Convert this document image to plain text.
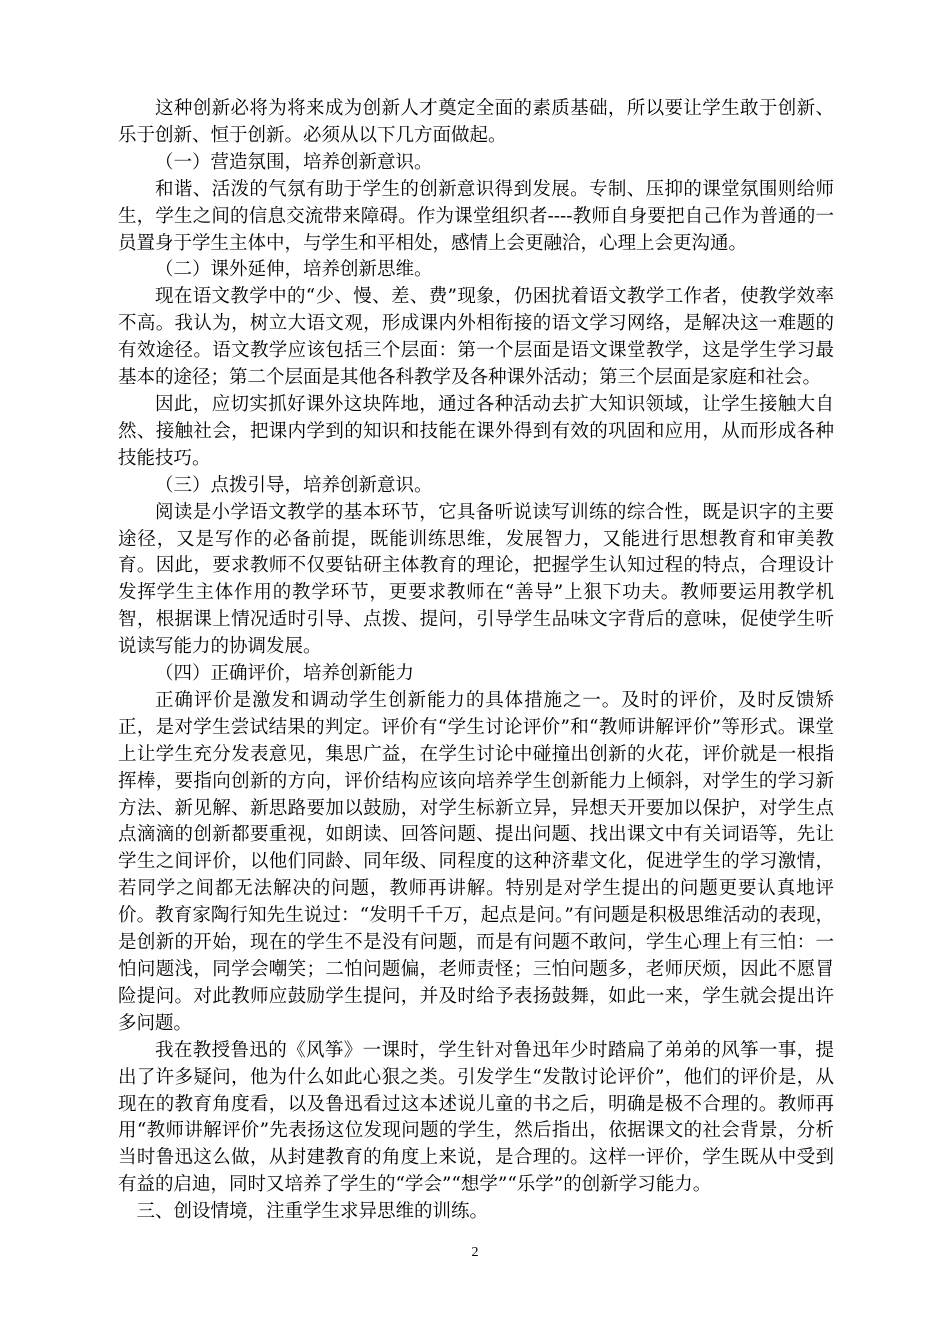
这种创新必将为将来成为创新人才奠定全面的素质基础，所以要让学生敢于创新、乐于创新、恒于创新。必须从以下几方面做起。

（一）营造氛围，培养创新意识。

和谐、活泼的气氛有助于学生的创新意识得到发展。专制、压抑的课堂氛围则给师生，学生之间的信息交流带来障碍。作为课堂组织者----教师自身要把自己作为普通的一员置身于学生主体中，与学生和平相处，感情上会更融洽，心理上会更沟通。

（二）课外延伸，培养创新思维。

现在语文教学中的“少、慢、差、费”现象，仍困扰着语文教学工作者，使教学效率不高。我认为，树立大语文观，形成课内外相衔接的语文学习网络，是解决这一难题的有效途径。语文教学应该包括三个层面：第一个层面是语文课堂教学，这是学生学习最基本的途径；第二个层面是其他各科教学及各种课外活动；第三个层面是家庭和社会。

因此，应切实抓好课外这块阵地，通过各种活动去扩大知识领域，让学生接触大自然、接触社会，把课内学到的知识和技能在课外得到有效的巩固和应用，从而形成各种技能技巧。

（三）点拨引导，培养创新意识。

阅读是小学语文教学的基本环节，它具备听说读写训练的综合性，既是识字的主要途径，又是写作的必备前提，既能训练思维，发展智力，又能进行思想教育和审美教育。因此，要求教师不仅要钻研主体教育的理论，把握学生认知过程的特点，合理设计发挥学生主体作用的教学环节，更要求教师在“善导”上狠下功夫。教师要运用教学机智，根据课上情况适时引导、点拨、提问，引导学生品味文字背后的意味，促使学生听说读写能力的协调发展。

（四）正确评价，培养创新能力

正确评价是激发和调动学生创新能力的具体措施之一。及时的评价，及时反馈矫正，是对学生尝试结果的判定。评价有“学生讨论评价”和“教师讲解评价”等形式。课堂上让学生充分发表意见，集思广益，在学生讨论中碰撞出创新的火花，评价就是一根指挥棒，要指向创新的方向，评价结构应该向培养学生创新能力上倾斜，对学生的学习新方法、新见解、新思路要加以鼓励，对学生标新立异，异想天开要加以保护，对学生点点滴滴的创新都要重视，如朗读、回答问题、提出问题、找出课文中有关词语等，先让学生之间评价，以他们同龄、同年级、同程度的这种济辈文化，促进学生的学习激情，若同学之间都无法解决的问题，教师再讲解。特别是对学生提出的问题更要认真地评价。教育家陶行知先生说过：“发明千千万，起点是问。”有问题是积极思维活动的表现，是创新的开始，现在的学生不是没有问题，而是有问题不敢问，学生心理上有三怕：一怕问题浅，同学会嘲笑；二怕问题偏，老师责怪；三怕问题多，老师厌烦，因此不愿冒险提问。对此教师应鼓励学生提问，并及时给予表扬鼓舞，如此一来，学生就会提出许多问题。

我在教授鲁迅的《风筝》一课时，学生针对鲁迅年少时踏扁了弟弟的风筝一事，提出了许多疑问，他为什么如此心狠之类。引发学生“发散讨论评价”，他们的评价是，从现在的教育角度看，以及鲁迅看过这本述说儿童的书之后，明确是极不合理的。教师再用“教师讲解评价”先表扬这位发现问题的学生，然后指出，依据课文的社会背景，分析当时鲁迅这么做，从封建教育的角度上来说，是合理的。这样一评价，学生既从中受到有益的启迪，同时又培养了学生的“学会”“想学”“乐学”的创新学习能力。

三、创设情境，注重学生求异思维的训练。

2
